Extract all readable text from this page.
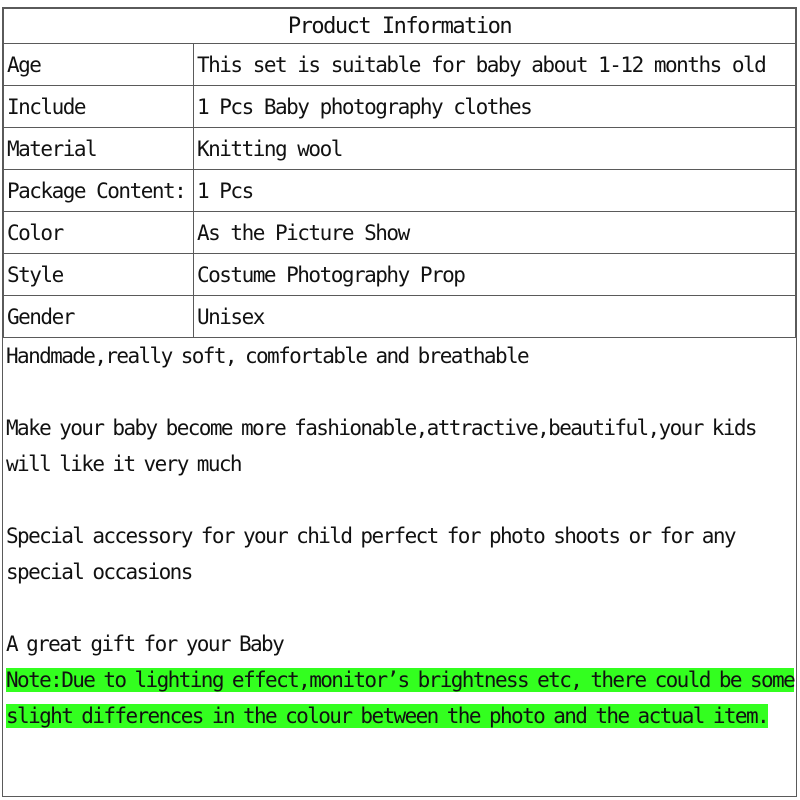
Product Information	
Age	This set is suitable for baby about 1-12 months old
Include	1 Pcs Baby photography clothes
Material	Knitting wool
Package Content:	1 Pcs
Color	As the Picture Show
Style	Costume Photography Prop
Gender	Unisex

Handmade,really soft, comfortable and breathable

Make your baby become more fashionable,attractive,beautiful,your kids will like it very much

Special accessory for your child perfect for photo shoots or for any special occasions

A great gift for your Baby

Note:Due to lighting effect,monitor’s brightness etc, there could be some slight differences in the colour between the photo and the actual item.
